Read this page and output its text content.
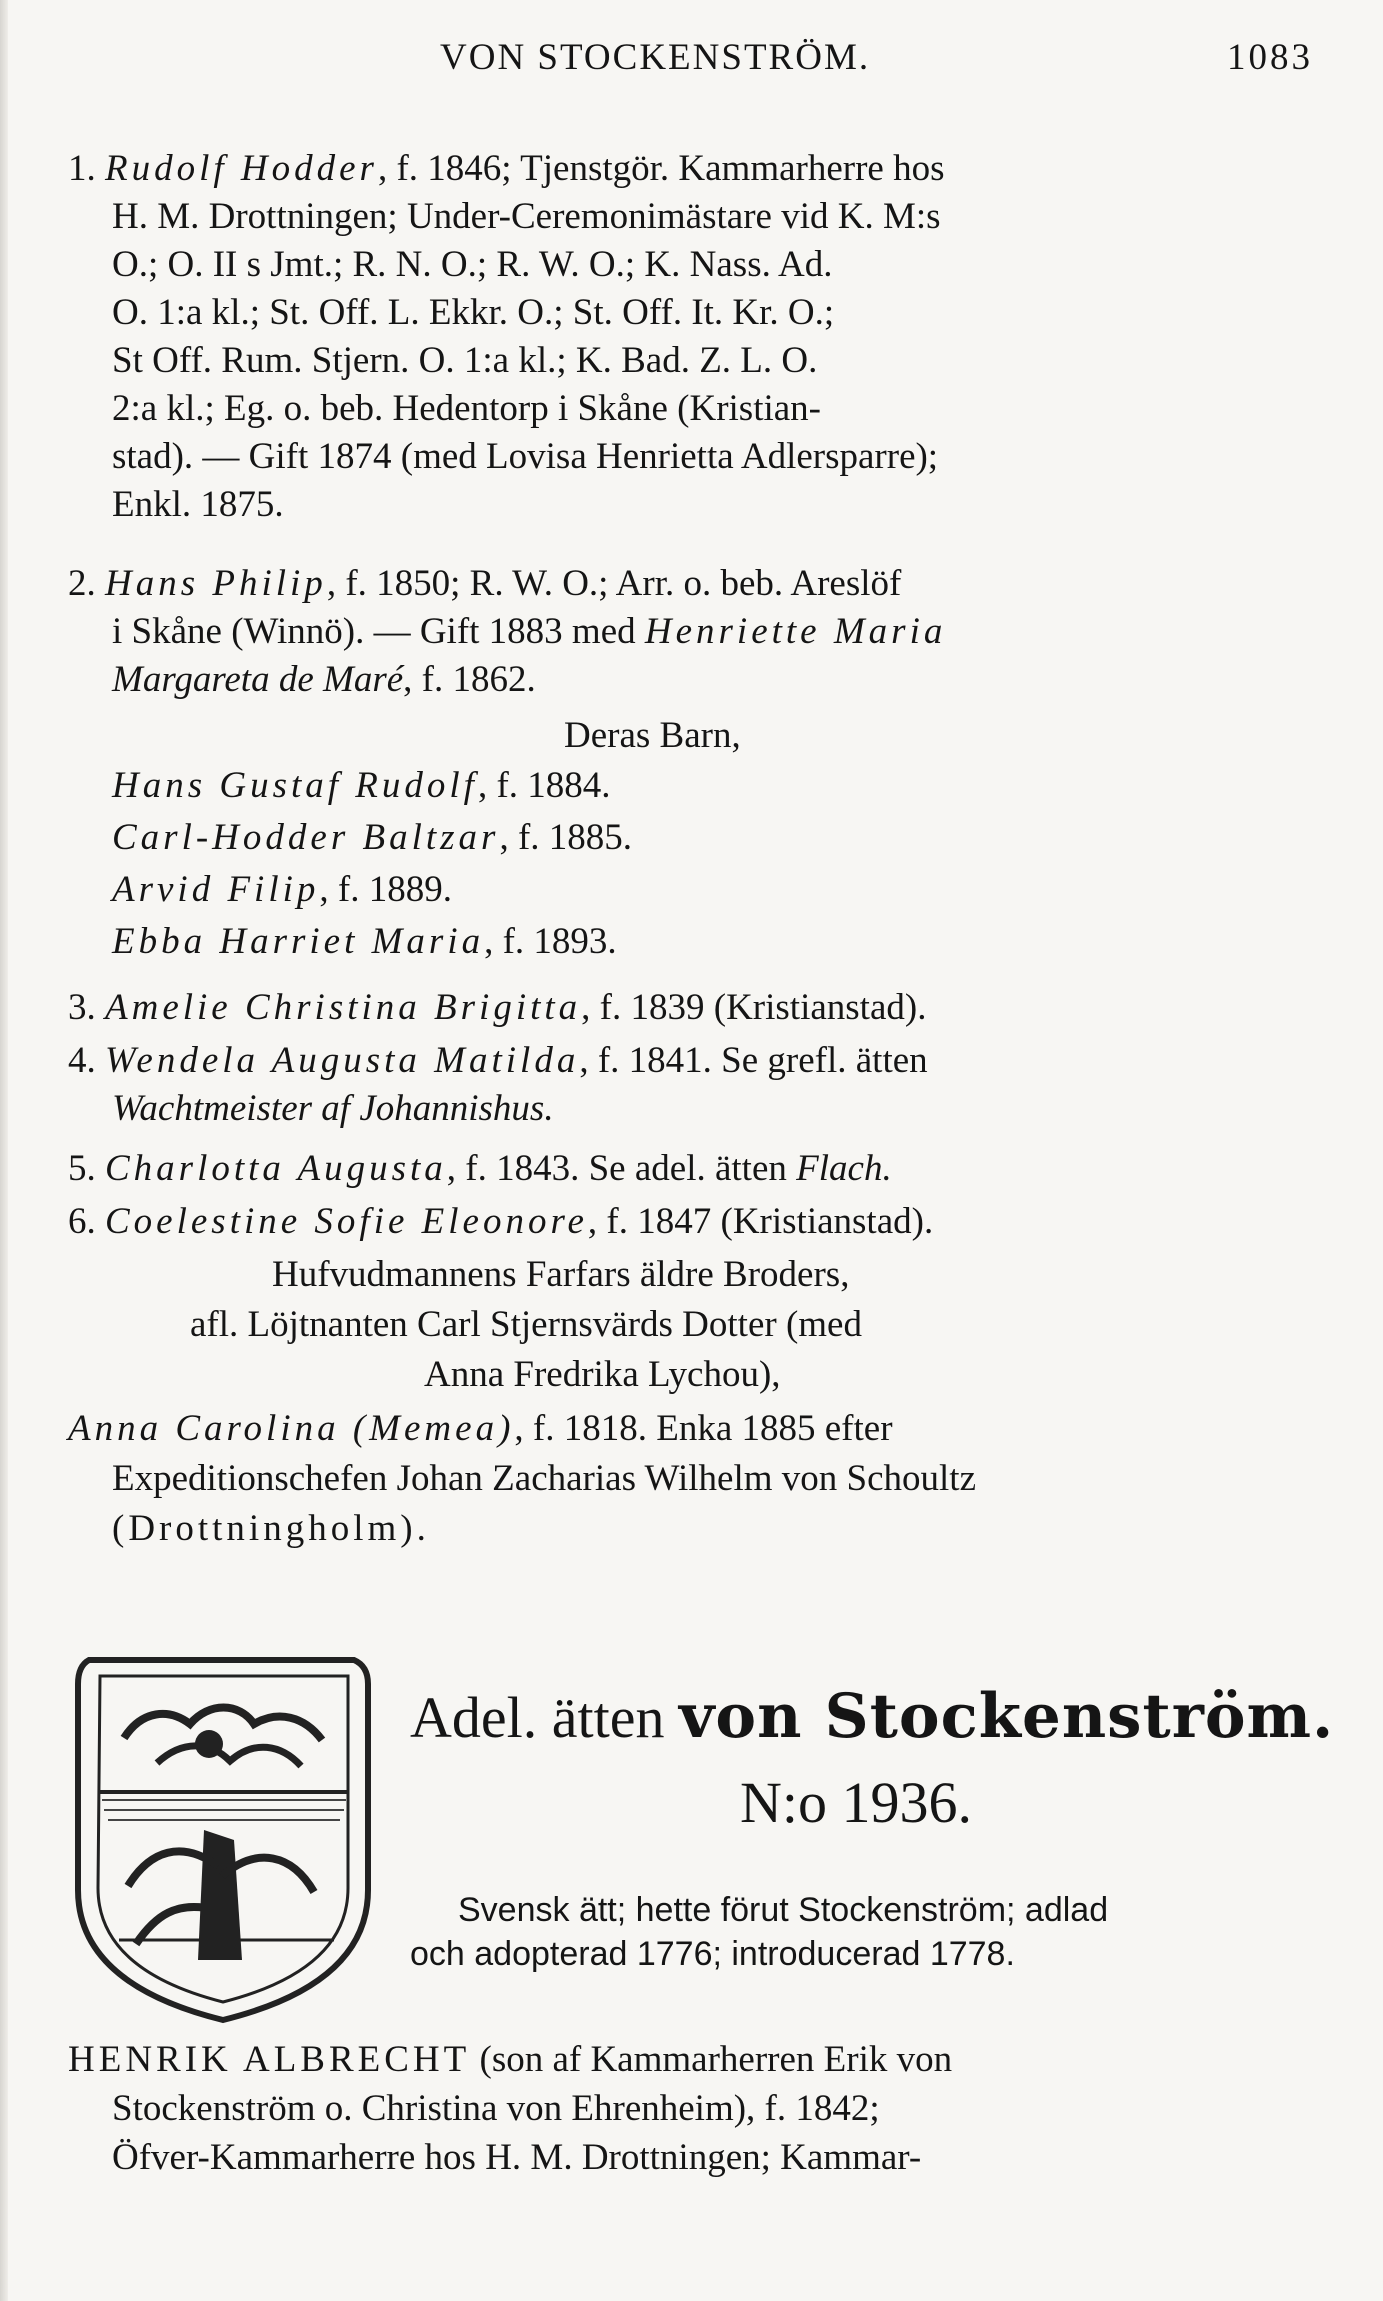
VON STOCKENSTRÖM.	1083
1. Rudolf Hodder, f. 1846; Tjenstgör. Kammarherre hos
H. M. Drottningen; Under-Ceremonimästare vid K. M:s
O.; O. II s Jmt.; R. N. O.; R. W. O.; K. Nass. Ad.
O. 1:a kl.; St. Off. L. Ekkr. O.; St. Off. It. Kr. O.;
St Off. Rum. Stjern. O. 1:a kl.; K. Bad. Z. L. O.
2:a kl.; Eg. o. beb. Hedentorp i Skåne (Kristian-
stad). — Gift 1874 (med Lovisa Henrietta Adlersparre);
Enkl. 1875.
2. Hans Philip, f. 1850; R. W. O.; Arr. o. beb. Areslöf
i Skåne (Winnö). — Gift 1883 med Henriette Maria
Margareta de Maré, f. 1862.
Deras Barn,
Hans Gustaf Rudolf, f. 1884.
Carl-Hodder Baltzar, f. 1885.
Arvid Filip, f. 1889.
Ebba Harriet Maria, f. 1893.
3. Amelie Christina Brigitta, f. 1839 (Kristianstad).
4. Wendela Augusta Matilda, f. 1841. Se grefl. ätten
Wachtmeister af Johannishus.
5. Charlotta Augusta, f. 1843. Se adel. ätten Flach.
6. Coelestine Sofie Eleonore, f. 1847 (Kristianstad).
Hufvudmannens Farfars äldre Broders,
afl. Löjtnanten Carl Stjernsvärds Dotter (med
Anna Fredrika Lychou),
Anna Carolina (Memea), f. 1818. Enka 1885 efter
Expeditionschefen Johan Zacharias Wilhelm von Schoultz
(Drottningholm).
Adel. ätten von Stockenström.
N:o 1936.
Svensk ätt; hette förut Stockenström; adlad
och adopterad 1776; introducerad 1778.
HENRIK ALBRECHT (son af Kammarherren Erik von
Stockenström o. Christina von Ehrenheim), f. 1842;
Öfver-Kammarherre hos H. M. Drottningen; Kammar-
